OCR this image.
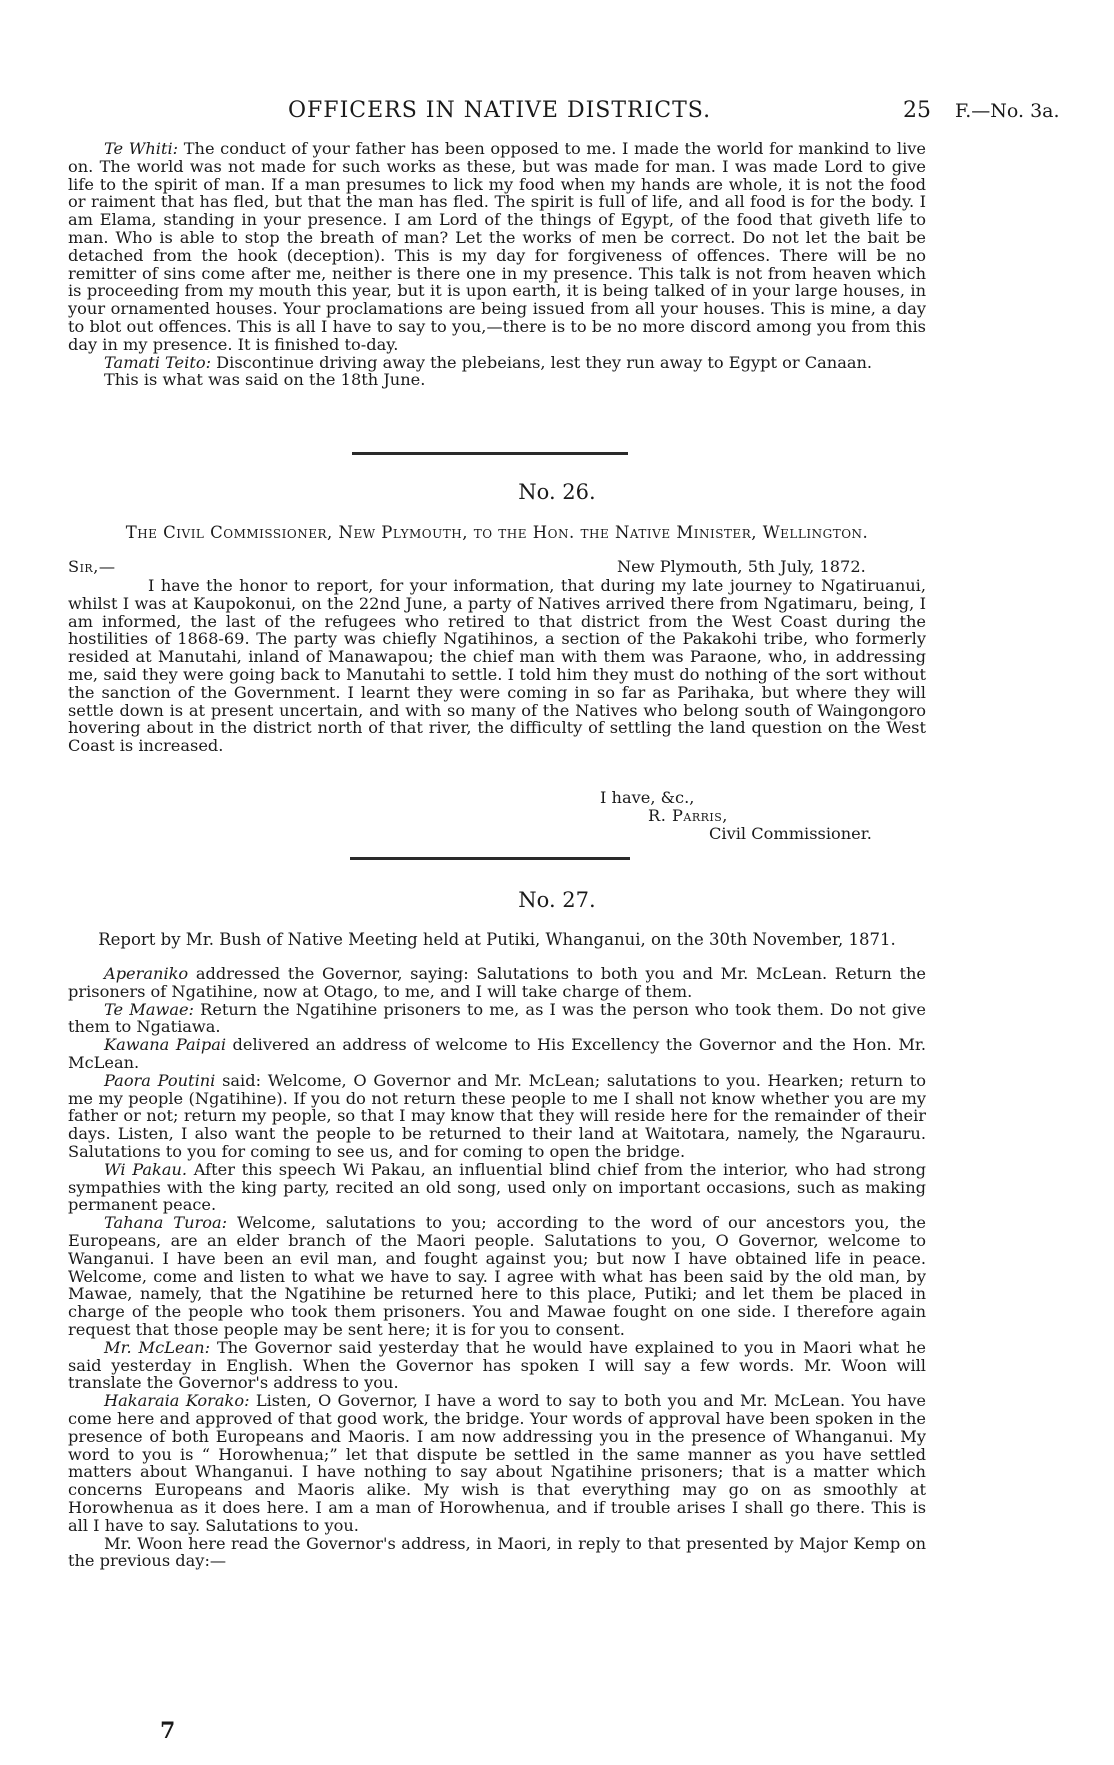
OFFICERS IN NATIVE DISTRICTS.	25 F.—No. 3a.

Te Whiti: The conduct of your father has been opposed to me. I made the world for mankind to live on. The world was not made for such works as these, but was made for man. I was made Lord to give life to the spirit of man. If a man presumes to lick my food when my hands are whole, it is not the food or raiment that has fled, but that the man has fled. The spirit is full of life, and all food is for the body. I am Elama, standing in your presence. I am Lord of the things of Egypt, of the food that giveth life to man. Who is able to stop the breath of man? Let the works of men be correct. Do not let the bait be detached from the hook (deception). This is my day for forgiveness of offences. There will be no remitter of sins come after me, neither is there one in my presence. This talk is not from heaven which is proceeding from my mouth this year, but it is upon earth, it is being talked of in your large houses, in your ornamented houses. Your proclamations are being issued from all your houses. This is mine, a day to blot out offences. This is all I have to say to you,—there is to be no more discord among you from this day in my presence. It is finished to-day.

Tamati Teito: Discontinue driving away the plebeians, lest they run away to Egypt or Canaan.

This is what was said on the 18th June.

No. 26.
The Civil Commissioner, New Plymouth, to the Hon. the Native Minister, Wellington.
Sir,—	New Plymouth, 5th July, 1872.

I have the honor to report, for your information, that during my late journey to Ngatiruanui, whilst I was at Kaupokonui, on the 22nd June, a party of Natives arrived there from Ngatimaru, being, I am informed, the last of the refugees who retired to that district from the West Coast during the hostilities of 1868-69. The party was chiefly Ngatihinos, a section of the Pakakohi tribe, who formerly resided at Manutahi, inland of Manawapou; the chief man with them was Paraone, who, in addressing me, said they were going back to Manutahi to settle. I told him they must do nothing of the sort without the sanction of the Government. I learnt they were coming in so far as Parihaka, but where they will settle down is at present uncertain, and with so many of the Natives who belong south of Waingongoro hovering about in the district north of that river, the difficulty of settling the land question on the West Coast is increased.

I have, &c.,
R. Parris,
Civil Commissioner.
No. 27.
Report by Mr. Bush of Native Meeting held at Putiki, Whanganui, on the 30th November, 1871.

Aperaniko addressed the Governor, saying: Salutations to both you and Mr. McLean. Return the prisoners of Ngatihine, now at Otago, to me, and I will take charge of them.

Te Mawae: Return the Ngatihine prisoners to me, as I was the person who took them. Do not give them to Ngatiawa.

Kawana Paipai delivered an address of welcome to His Excellency the Governor and the Hon. Mr. McLean.

Paora Poutini said: Welcome, O Governor and Mr. McLean; salutations to you. Hearken; return to me my people (Ngatihine). If you do not return these people to me I shall not know whether you are my father or not; return my people, so that I may know that they will reside here for the remainder of their days. Listen, I also want the people to be returned to their land at Waitotara, namely, the Ngarauru. Salutations to you for coming to see us, and for coming to open the bridge.

Wi Pakau. After this speech Wi Pakau, an influential blind chief from the interior, who had strong sympathies with the king party, recited an old song, used only on important occasions, such as making permanent peace.

Tahana Turoa: Welcome, salutations to you; according to the word of our ancestors you, the Europeans, are an elder branch of the Maori people. Salutations to you, O Governor, welcome to Wanganui. I have been an evil man, and fought against you; but now I have obtained life in peace. Welcome, come and listen to what we have to say. I agree with what has been said by the old man, by Mawae, namely, that the Ngatihine be returned here to this place, Putiki; and let them be placed in charge of the people who took them prisoners. You and Mawae fought on one side. I therefore again request that those people may be sent here; it is for you to consent.

Mr. McLean: The Governor said yesterday that he would have explained to you in Maori what he said yesterday in English. When the Governor has spoken I will say a few words. Mr. Woon will translate the Governor's address to you.

Hakaraia Korako: Listen, O Governor, I have a word to say to both you and Mr. McLean. You have come here and approved of that good work, the bridge. Your words of approval have been spoken in the presence of both Europeans and Maoris. I am now addressing you in the presence of Whanganui. My word to you is “ Horowhenua;” let that dispute be settled in the same manner as you have settled matters about Whanganui. I have nothing to say about Ngatihine prisoners; that is a matter which concerns Europeans and Maoris alike. My wish is that everything may go on as smoothly at Horowhenua as it does here. I am a man of Horowhenua, and if trouble arises I shall go there. This is all I have to say. Salutations to you.

Mr. Woon here read the Governor's address, in Maori, in reply to that presented by Major Kemp on the previous day:—

7
